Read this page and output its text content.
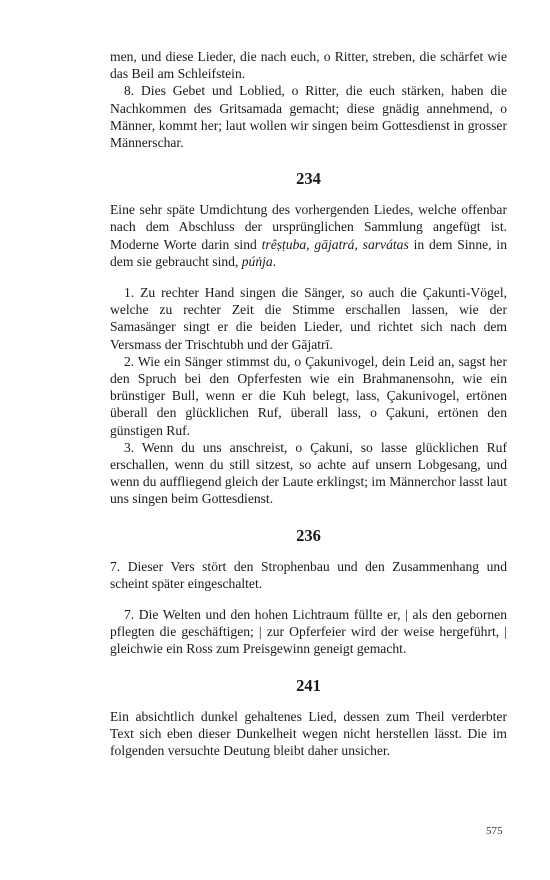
men, und diese Lieder, die nach euch, o Ritter, streben, die schärfet wie das Beil am Schleifstein.

8. Dies Gebet und Loblied, o Ritter, die euch stärken, haben die Nachkommen des Gritsamada gemacht; diese gnädig annehmend, o Männer, kommt her; laut wollen wir singen beim Gottesdienst in grosser Männerschar.

234

Eine sehr späte Umdichtung des vorhergenden Liedes, welche offenbar nach dem Abschluss der ursprünglichen Sammlung angefügt ist. Moderne Worte darin sind trêṣṭuba, gājatrá, sarvátas in dem Sinne, in dem sie gebraucht sind, púṅja.

1. Zu rechter Hand singen die Sänger, so auch die Çakunti-Vögel, welche zu rechter Zeit die Stimme erschallen lassen, wie der Samasänger singt er die beiden Lieder, und richtet sich nach dem Versmass der Trischtubh und der Gājatrī.

2. Wie ein Sänger stimmst du, o Çakunivogel, dein Leid an, sagst her den Spruch bei den Opferfesten wie ein Brahmanensohn, wie ein brünstiger Bull, wenn er die Kuh belegt, lass, Çakunivogel, ertönen überall den glücklichen Ruf, überall lass, o Çakuni, ertönen den günstigen Ruf.

3. Wenn du uns anschreist, o Çakuni, so lasse glücklichen Ruf erschallen, wenn du still sitzest, so achte auf unsern Lobgesang, und wenn du auffliegend gleich der Laute erklingst; im Männerchor lasst laut uns singen beim Gottesdienst.

236

7. Dieser Vers stört den Strophenbau und den Zusammenhang und scheint später eingeschaltet.

7. Die Welten und den hohen Lichtraum füllte er, | als den gebornen pflegten die geschäftigen; | zur Opferfeier wird der weise hergeführt, | gleichwie ein Ross zum Preisgewinn geneigt gemacht.

241

Ein absichtlich dunkel gehaltenes Lied, dessen zum Theil verderbter Text sich eben dieser Dunkelheit wegen nicht herstellen lässt. Die im folgenden versuchte Deutung bleibt daher unsicher.

575
